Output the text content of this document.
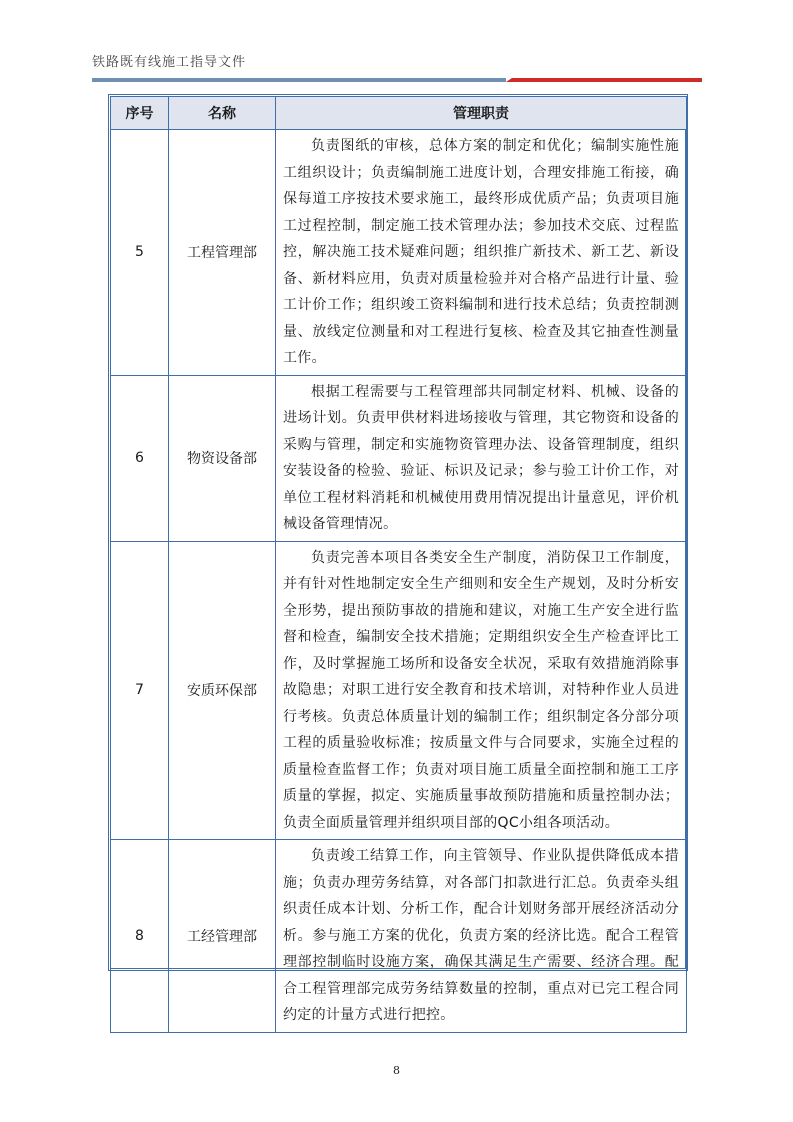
铁路既有线施工指导文件
序号	名称	管理职责
5	工程管理部	负责图纸的审核，总体方案的制定和优化；编制实施性施工组织设计；负责编制施工进度计划，合理安排施工衔接，确保每道工序按技术要求施工，最终形成优质产品；负责项目施工过程控制，制定施工技术管理办法；参加技术交底、过程监控，解决施工技术疑难问题；组织推广新技术、新工艺、新设备、新材料应用，负责对质量检验并对合格产品进行计量、验工计价工作；组织竣工资料编制和进行技术总结；负责控制测量、放线定位测量和对工程进行复核、检查及其它抽查性测量工作。
6	物资设备部	根据工程需要与工程管理部共同制定材料、机械、设备的进场计划。负责甲供材料进场接收与管理，其它物资和设备的采购与管理，制定和实施物资管理办法、设备管理制度，组织安装设备的检验、验证、标识及记录；参与验工计价工作，对单位工程材料消耗和机械使用费用情况提出计量意见，评价机械设备管理情况。
7	安质环保部	负责完善本项目各类安全生产制度，消防保卫工作制度，并有针对性地制定安全生产细则和安全生产规划，及时分析安全形势，提出预防事故的措施和建议，对施工生产安全进行监督和检查，编制安全技术措施；定期组织安全生产检查评比工作，及时掌握施工场所和设备安全状况，采取有效措施消除事故隐患；对职工进行安全教育和技术培训，对特种作业人员进行考核。负责总体质量计划的编制工作；组织制定各分部分项工程的质量验收标准；按质量文件与合同要求，实施全过程的质量检查监督工作；负责对项目施工质量全面控制和施工工序质量的掌握，拟定、实施质量事故预防措施和质量控制办法；负责全面质量管理并组织项目部的QC小组各项活动。
8	工经管理部	负责竣工结算工作，向主管领导、作业队提供降低成本措施；负责办理劳务结算，对各部门扣款进行汇总。负责牵头组织责任成本计划、分析工作，配合计划财务部开展经济活动分析。参与施工方案的优化，负责方案的经济比选。配合工程管理部控制临时设施方案，确保其满足生产需要、经济合理。配合工程管理部完成劳务结算数量的控制，重点对已完工程合同约定的计量方式进行把控。
8
